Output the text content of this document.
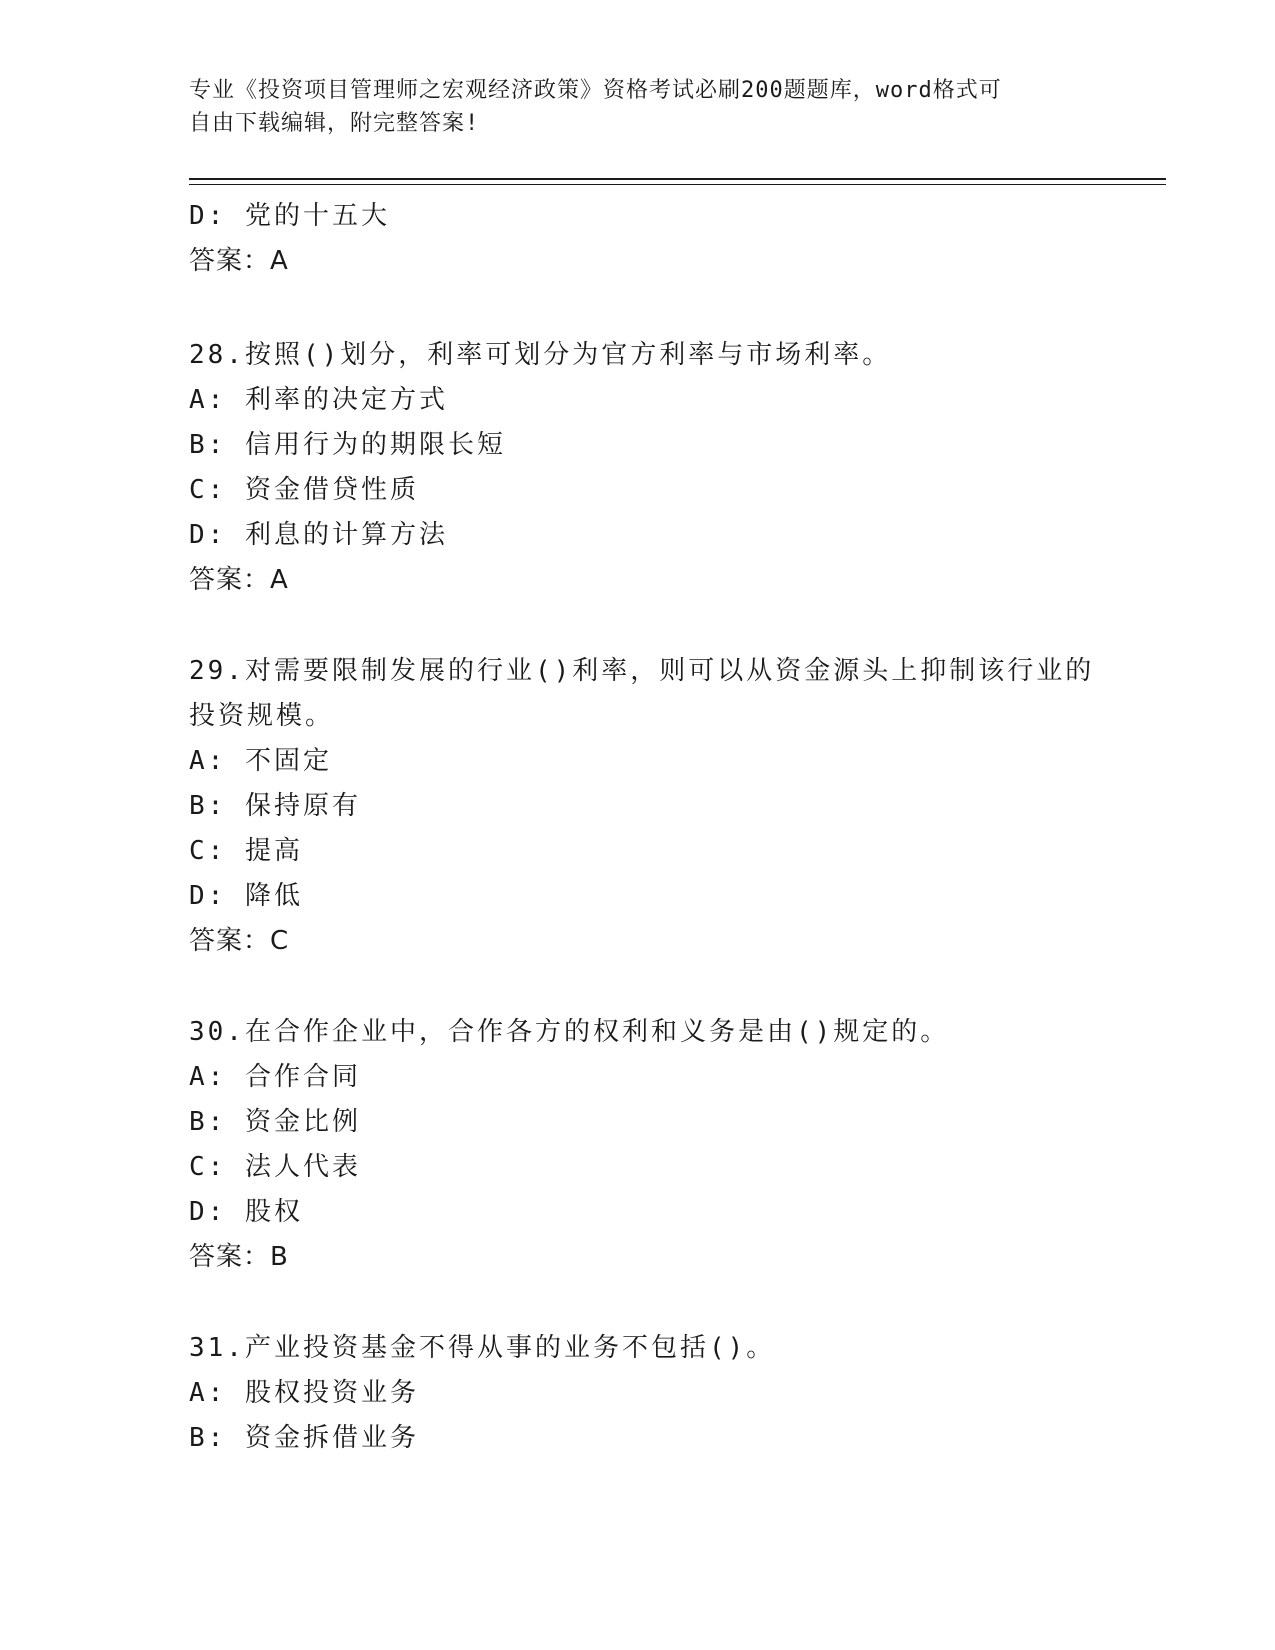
专业《投资项目管理师之宏观经济政策》资格考试必刷200题题库，word格式可
自由下载编辑，附完整答案!
D: 党的十五大
答案：A
28.按照()划分，利率可划分为官方利率与市场利率。
A: 利率的决定方式
B: 信用行为的期限长短
C: 资金借贷性质
D: 利息的计算方法
答案：A
29.对需要限制发展的行业()利率，则可以从资金源头上抑制该行业的
投资规模。
A: 不固定
B: 保持原有
C: 提高
D: 降低
答案：C
30.在合作企业中，合作各方的权利和义务是由()规定的。
A: 合作合同
B: 资金比例
C: 法人代表
D: 股权
答案：B
31.产业投资基金不得从事的业务不包括()。
A: 股权投资业务
B: 资金拆借业务
